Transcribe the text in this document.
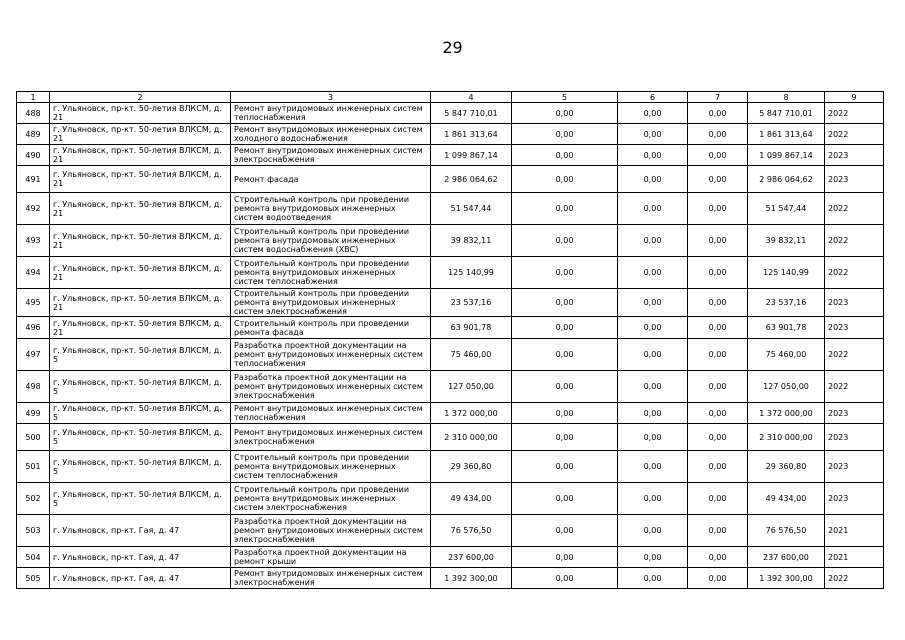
29
1	2	3	4	5	6	7	8	9
488	г. Ульяновск, пр-кт. 50-летия ВЛКСМ, д. 21	Ремонт внутридомовых инженерных систем теплоснабжения	5 847 710,01	0,00	0,00	0,00	5 847 710,01	2022
489	г. Ульяновск, пр-кт. 50-летия ВЛКСМ, д. 21	Ремонт внутридомовых инженерных систем холодного водоснабжения	1 861 313,64	0,00	0,00	0,00	1 861 313,64	2022
490	г. Ульяновск, пр-кт. 50-летия ВЛКСМ, д. 21	Ремонт внутридомовых инженерных систем электроснабжения	1 099 867,14	0,00	0,00	0,00	1 099 867,14	2023
491	г. Ульяновск, пр-кт. 50-летия ВЛКСМ, д. 21	Ремонт фасада	2 986 064,62	0,00	0,00	0,00	2 986 064,62	2023
492	г. Ульяновск, пр-кт. 50-летия ВЛКСМ, д. 21	Строительный контроль при проведении ремонта внутридомовых инженерных систем водоотведения	51 547,44	0,00	0,00	0,00	51 547,44	2022
493	г. Ульяновск, пр-кт. 50-летия ВЛКСМ, д. 21	Строительный контроль при проведении ремонта внутридомовых инженерных систем водоснабжения (ХВС)	39 832,11	0,00	0,00	0,00	39 832,11	2022
494	г. Ульяновск, пр-кт. 50-летия ВЛКСМ, д. 21	Строительный контроль при проведении ремонта внутридомовых инженерных систем теплоснабжения	125 140,99	0,00	0,00	0,00	125 140,99	2022
495	г. Ульяновск, пр-кт. 50-летия ВЛКСМ, д. 21	Строительный контроль при проведении ремонта внутридомовых инженерных систем электроснабжения	23 537,16	0,00	0,00	0,00	23 537,16	2023
496	г. Ульяновск, пр-кт. 50-летия ВЛКСМ, д. 21	Строительный контроль при проведении ремонта фасада	63 901,78	0,00	0,00	0,00	63 901,78	2023
497	г. Ульяновск, пр-кт. 50-летия ВЛКСМ, д. 5	Разработка проектной документации на ремонт внутридомовых инженерных систем теплоснабжения	75 460,00	0,00	0,00	0,00	75 460,00	2022
498	г. Ульяновск, пр-кт. 50-летия ВЛКСМ, д. 5	Разработка проектной документации на ремонт внутридомовых инженерных систем электроснабжения	127 050,00	0,00	0,00	0,00	127 050,00	2022
499	г. Ульяновск, пр-кт. 50-летия ВЛКСМ, д. 5	Ремонт внутридомовых инженерных систем теплоснабжения	1 372 000,00	0,00	0,00	0,00	1 372 000,00	2023
500	г. Ульяновск, пр-кт. 50-летия ВЛКСМ, д. 5	Ремонт внутридомовых инженерных систем электроснабжения	2 310 000,00	0,00	0,00	0,00	2 310 000,00	2023
501	г. Ульяновск, пр-кт. 50-летия ВЛКСМ, д. 5	Строительный контроль при проведении ремонта внутридомовых инженерных систем теплоснабжения	29 360,80	0,00	0,00	0,00	29 360,80	2023
502	г. Ульяновск, пр-кт. 50-летия ВЛКСМ, д. 5	Строительный контроль при проведении ремонта внутридомовых инженерных систем электроснабжения	49 434,00	0,00	0,00	0,00	49 434,00	2023
503	г. Ульяновск, пр-кт. Гая, д. 47	Разработка проектной документации на ремонт внутридомовых инженерных систем электроснабжения	76 576,50	0,00	0,00	0,00	76 576,50	2021
504	г. Ульяновск, пр-кт. Гая, д. 47	Разработка проектной документации на ремонт крыши	237 600,00	0,00	0,00	0,00	237 600,00	2021
505	г. Ульяновск, пр-кт. Гая, д. 47	Ремонт внутридомовых инженерных систем электроснабжения	1 392 300,00	0,00	0,00	0,00	1 392 300,00	2022
